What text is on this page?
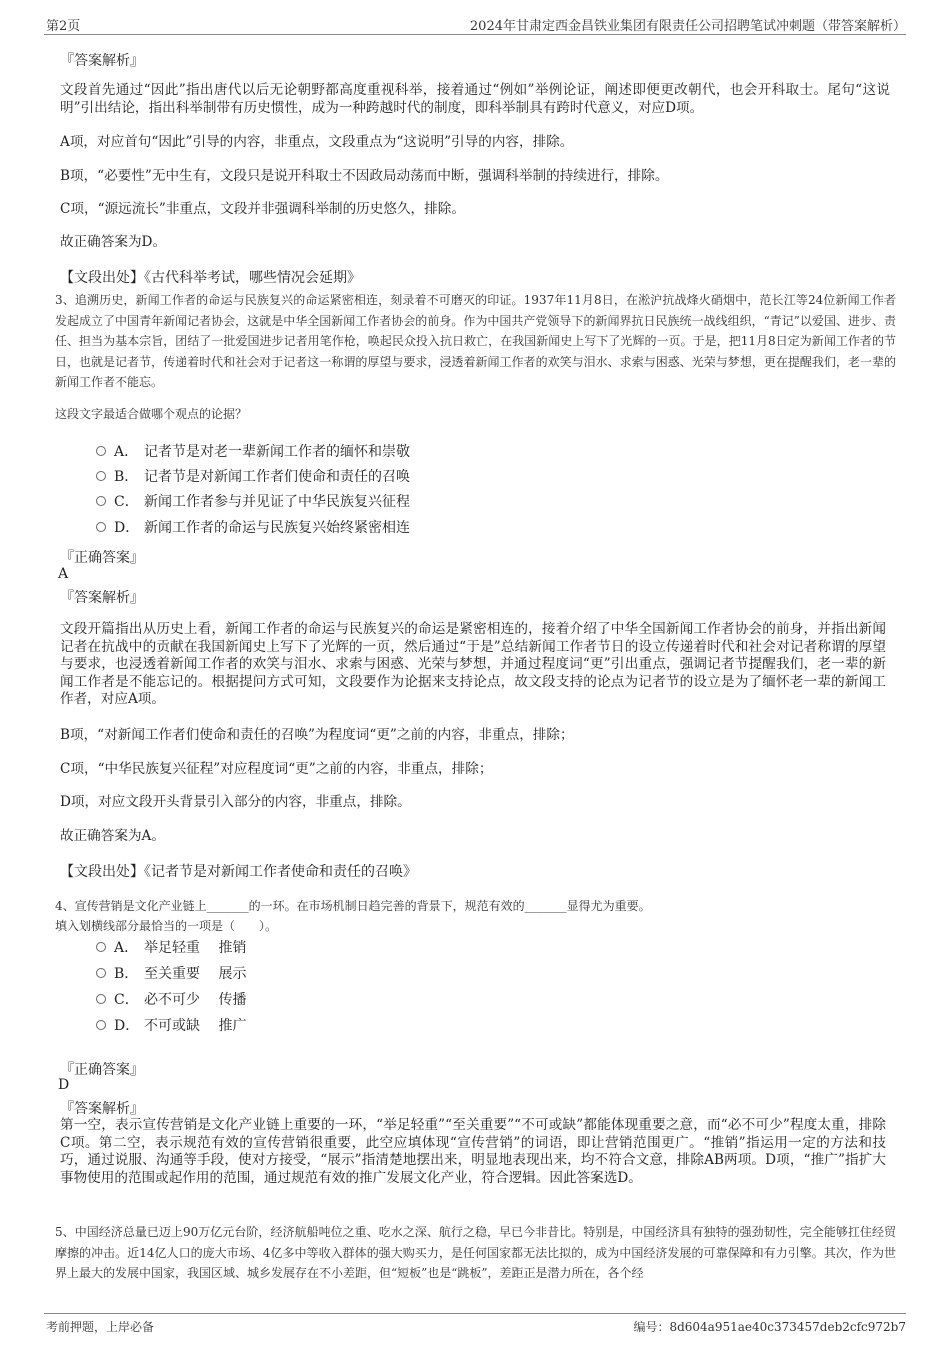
第2页	2024年甘肃定西金昌铁业集团有限责任公司招聘笔试冲刺题（带答案解析）
『答案解析』

文段首先通过“因此”指出唐代以后无论朝野都高度重视科举，接着通过“例如”举例论证，阐述即便更改朝代，也会开科取士。尾句“这说明”引出结论，指出科举制带有历史惯性，成为一种跨越时代的制度，即科举制具有跨时代意义，对应D项。

A项，对应首句“因此”引导的内容，非重点，文段重点为“这说明”引导的内容，排除。

B项，“必要性”无中生有，文段只是说开科取士不因政局动荡而中断，强调科举制的持续进行，排除。

C项，“源远流长”非重点，文段并非强调科举制的历史悠久，排除。

故正确答案为D。

【文段出处】《古代科举考试，哪些情况会延期》

3、追溯历史，新闻工作者的命运与民族复兴的命运紧密相连，刻录着不可磨灭的印证。1937年11月8日，在淞沪抗战烽火硝烟中，范长江等24位新闻工作者发起成立了中国青年新闻记者协会，这就是中华全国新闻工作者协会的前身。作为中国共产党领导下的新闻界抗日民族统一战线组织，“青记”以爱国、进步、责任、担当为基本宗旨，团结了一批爱国进步记者用笔作枪，唤起民众投入抗日救亡，在我国新闻史上写下了光辉的一页。于是，把11月8日定为新闻工作者的节日，也就是记者节，传递着时代和社会对于记者这一称谓的厚望与要求，浸透着新闻工作者的欢笑与泪水、求索与困惑、光荣与梦想，更在提醒我们，老一辈的新闻工作者不能忘。

这段文字最适合做哪个观点的论据？
A． 记者节是对老一辈新闻工作者的缅怀和崇敬
B． 记者节是对新闻工作者们使命和责任的召唤
C． 新闻工作者参与并见证了中华民族复兴征程
D． 新闻工作者的命运与民族复兴始终紧密相连
『正确答案』
A
『答案解析』

文段开篇指出从历史上看，新闻工作者的命运与民族复兴的命运是紧密相连的，接着介绍了中华全国新闻工作者协会的前身，并指出新闻记者在抗战中的贡献在我国新闻史上写下了光辉的一页，然后通过“于是”总结新闻工作者节日的设立传递着时代和社会对记者称谓的厚望与要求，也浸透着新闻工作者的欢笑与泪水、求索与困惑、光荣与梦想，并通过程度词“更”引出重点，强调记者节提醒我们，老一辈的新闻工作者是不能忘记的。根据提问方式可知，文段要作为论据来支持论点，故文段支持的论点为记者节的设立是为了缅怀老一辈的新闻工作者，对应A项。

B项，“对新闻工作者们使命和责任的召唤”为程度词“更”之前的内容，非重点，排除；

C项，“中华民族复兴征程”对应程度词“更”之前的内容，非重点，排除；

D项，对应文段开头背景引入部分的内容，非重点，排除。

故正确答案为A。

【文段出处】《记者节是对新闻工作者使命和责任的召唤》
4、宣传营销是文化产业链上_______的一环。在市场机制日趋完善的背景下，规范有效的_______显得尤为重要。
填入划横线部分最恰当的一项是（　　）。
A． 举足轻重　 推销
B． 至关重要　 展示
C． 必不可少　 传播
D． 不可或缺　 推广
『正确答案』
D
『答案解析』

第一空，表示宣传营销是文化产业链上重要的一环，“举足轻重”“至关重要”“不可或缺”都能体现重要之意，而“必不可少”程度太重，排除C项。第二空，表示规范有效的宣传营销很重要，此空应填体现“宣传营销”的词语，即让营销范围更广。“推销”指运用一定的方法和技巧，通过说服、沟通等手段，使对方接受，“展示”指清楚地摆出来，明显地表现出来，均不符合文意，排除AB两项。D项，“推广”指扩大事物使用的范围或起作用的范围，通过规范有效的推广发展文化产业，符合逻辑。因此答案选D。

5、中国经济总量已迈上90万亿元台阶，经济航船吨位之重、吃水之深、航行之稳，早已今非昔比。特别是，中国经济具有独特的强劲韧性，完全能够扛住经贸摩擦的冲击。近14亿人口的庞大市场、4亿多中等收入群体的强大购买力，是任何国家都无法比拟的，成为中国经济发展的可靠保障和有力引擎。其次，作为世界上最大的发展中国家，我国区域、城乡发展存在不小差距，但“短板”也是“跳板”，差距正是潜力所在，各个经

考前押题，上岸必备	编号：8d604a951ae40c373457deb2cfc972b7
